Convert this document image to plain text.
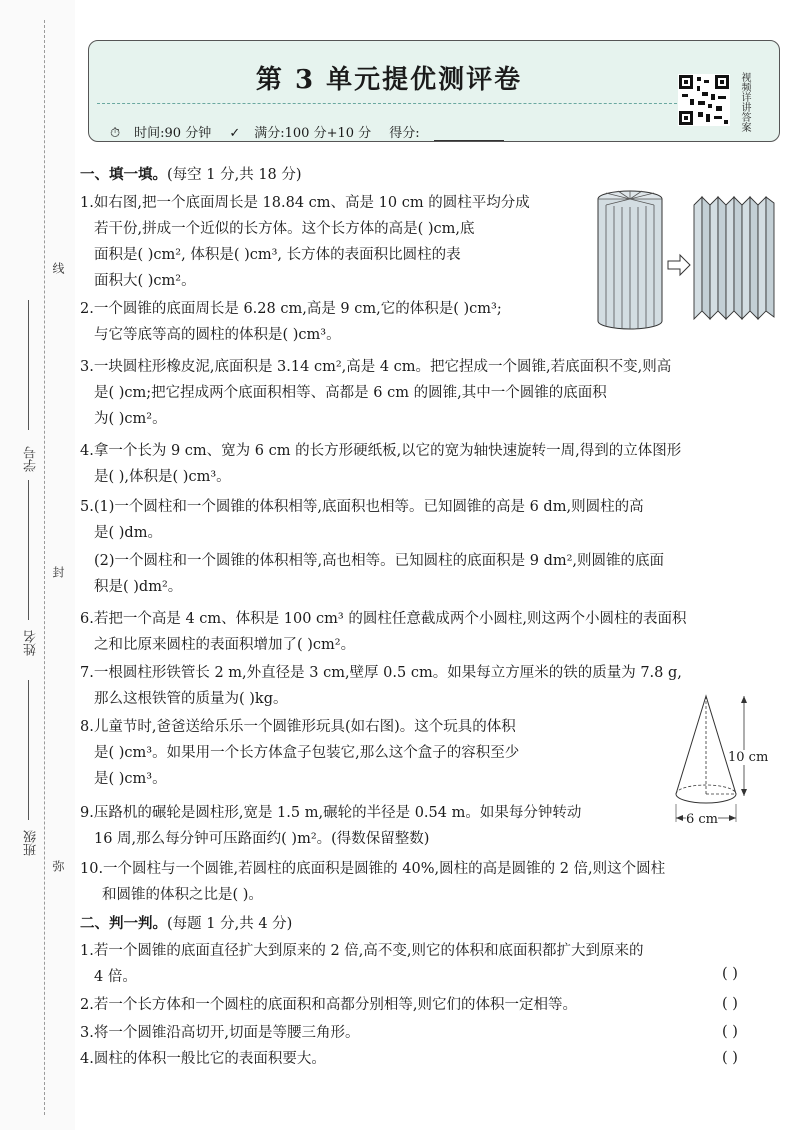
线
封
弥
学号
姓名
班级
第 3 单元提优测评卷
⏱ 时间:90 分钟 ✓ 满分:100 分+10 分 得分:
视频详讲答案
一、填一填。(每空 1 分,共 18 分)
1.如右图,把一个底面周长是 18.84 cm、高是 10 cm 的圆柱平均分成
若干份,拼成一个近似的长方体。这个长方体的高是( )cm,底
面积是( )cm², 体积是( )cm³, 长方体的表面积比圆柱的表
面积大( )cm²。
2.一个圆锥的底面周长是 6.28 cm,高是 9 cm,它的体积是( )cm³;
与它等底等高的圆柱的体积是( )cm³。
3.一块圆柱形橡皮泥,底面积是 3.14 cm²,高是 4 cm。把它捏成一个圆锥,若底面积不变,则高
是( )cm;把它捏成两个底面积相等、高都是 6 cm 的圆锥,其中一个圆锥的底面积
为( )cm²。
4.拿一个长为 9 cm、宽为 6 cm 的长方形硬纸板,以它的宽为轴快速旋转一周,得到的立体图形
是( ),体积是( )cm³。
5.(1)一个圆柱和一个圆锥的体积相等,底面积也相等。已知圆锥的高是 6 dm,则圆柱的高
是( )dm。
(2)一个圆柱和一个圆锥的体积相等,高也相等。已知圆柱的底面积是 9 dm²,则圆锥的底面
积是( )dm²。
6.若把一个高是 4 cm、体积是 100 cm³ 的圆柱任意截成两个小圆柱,则这两个小圆柱的表面积
之和比原来圆柱的表面积增加了( )cm²。
7.一根圆柱形铁管长 2 m,外直径是 3 cm,壁厚 0.5 cm。如果每立方厘米的铁的质量为 7.8 g,
那么这根铁管的质量为( )kg。
8.儿童节时,爸爸送给乐乐一个圆锥形玩具(如右图)。这个玩具的体积
是( )cm³。如果用一个长方体盒子包装它,那么这个盒子的容积至少
是( )cm³。
10 cm
6 cm
9.压路机的碾轮是圆柱形,宽是 1.5 m,碾轮的半径是 0.54 m。如果每分钟转动
16 周,那么每分钟可压路面约( )m²。(得数保留整数)
10.一个圆柱与一个圆锥,若圆柱的底面积是圆锥的 40%,圆柱的高是圆锥的 2 倍,则这个圆柱
和圆锥的体积之比是( )。
二、判一判。(每题 1 分,共 4 分)
1.若一个圆锥的底面直径扩大到原来的 2 倍,高不变,则它的体积和底面积都扩大到原来的
4 倍。	( )
2.若一个长方体和一个圆柱的底面积和高都分别相等,则它们的体积一定相等。	( )
3.将一个圆锥沿高切开,切面是等腰三角形。	( )
4.圆柱的体积一般比它的表面积要大。	( )
